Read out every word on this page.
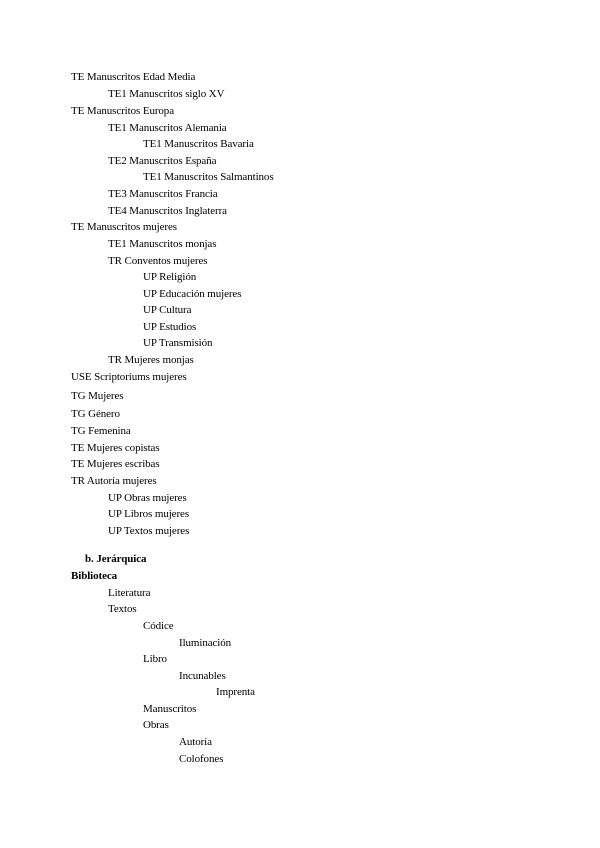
TE Manuscritos Edad Media
TE1 Manuscritos siglo XV
TE Manuscritos Europa
TE1 Manuscritos Alemania
TE1 Manuscritos Bavaria
TE2 Manuscritos España
TE1 Manuscritos Salmantinos
TE3 Manuscritos Francia
TE4 Manuscritos Inglaterra
TE Manuscritos mujeres
TE1 Manuscritos monjas
TR Conventos mujeres
UP Religión
UP Educación mujeres
UP Cultura
UP Estudios
UP Transmisión
TR Mujeres monjas
USE Scriptoriums mujeres
TG Mujeres
TG Género
TG Femenina
TE Mujeres copistas
TE Mujeres escribas
TR Autoría mujeres
UP Obras mujeres
UP Libros mujeres
UP Textos mujeres
b. Jerárquica
Biblioteca
Literatura
Textos
Códice
Iluminación
Libro
Incunables
Imprenta
Manuscritos
Obras
Autoría
Colofones
